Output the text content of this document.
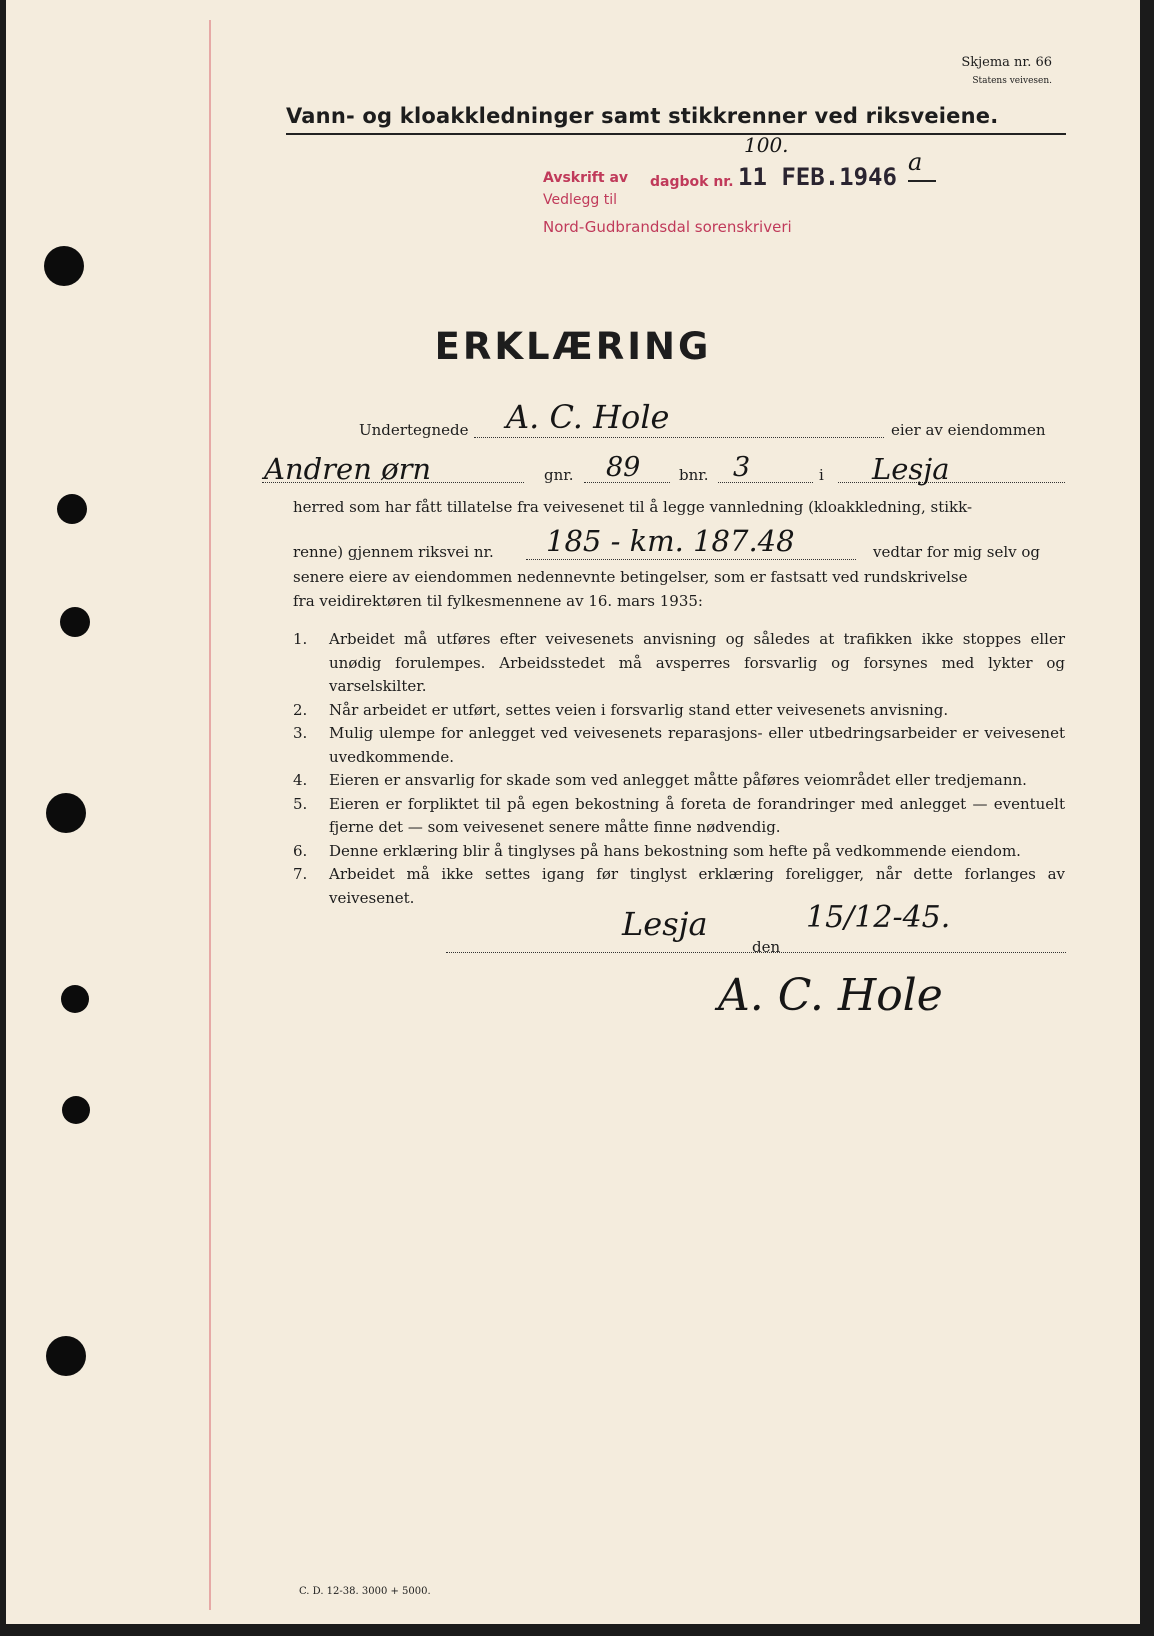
Skjema nr. 66
Statens veivesen.
Vann- og kloakkledninger samt stikkrenner ved riksveiene.
Avskrift av dagbok nr.
100.
11 FEB.1946
a
Vedlegg til
Nord-Gudbrandsdal sorenskriveri
ERKLÆRING
Undertegnede A. C. Hole	eier av eiendommen
Andren ørn	gnr. 89	bnr. 3	i Lesja
herred som har fått tillatelse fra veivesenet til å legge vannledning (kloakkledning, stikk-
renne) gjennem riksvei nr. 185 - km. 187.48	vedtar for mig selv og
senere eiere av eiendommen nedennevnte betingelser, som er fastsatt ved rundskrivelse
fra veidirektøren til fylkesmennene av 16. mars 1935:
1. Arbeidet må utføres efter veivesenets anvisning og således at trafikken ikke stoppes eller unødig forulempes. Arbeidsstedet må avsperres forsvarlig og forsynes med lykter og varselskilter.
2. Når arbeidet er utført, settes veien i forsvarlig stand etter veivesenets anvisning.
3. Mulig ulempe for anlegget ved veivesenets reparasjons- eller utbedringsarbeider er veivesenet uvedkommende.
4. Eieren er ansvarlig for skade som ved anlegget måtte påføres veiområdet eller tredjemann.
5. Eieren er forpliktet til på egen bekostning å foreta de forandringer med anlegget — eventuelt fjerne det — som veivesenet senere måtte finne nødvendig.
6. Denne erklæring blir å tinglyses på hans bekostning som hefte på vedkommende eiendom.
7. Arbeidet må ikke settes igang før tinglyst erklæring foreligger, når dette forlanges av veivesenet.
Lesja
den
15/12-45.
A. C. Hole
C. D. 12-38. 3000 + 5000.
